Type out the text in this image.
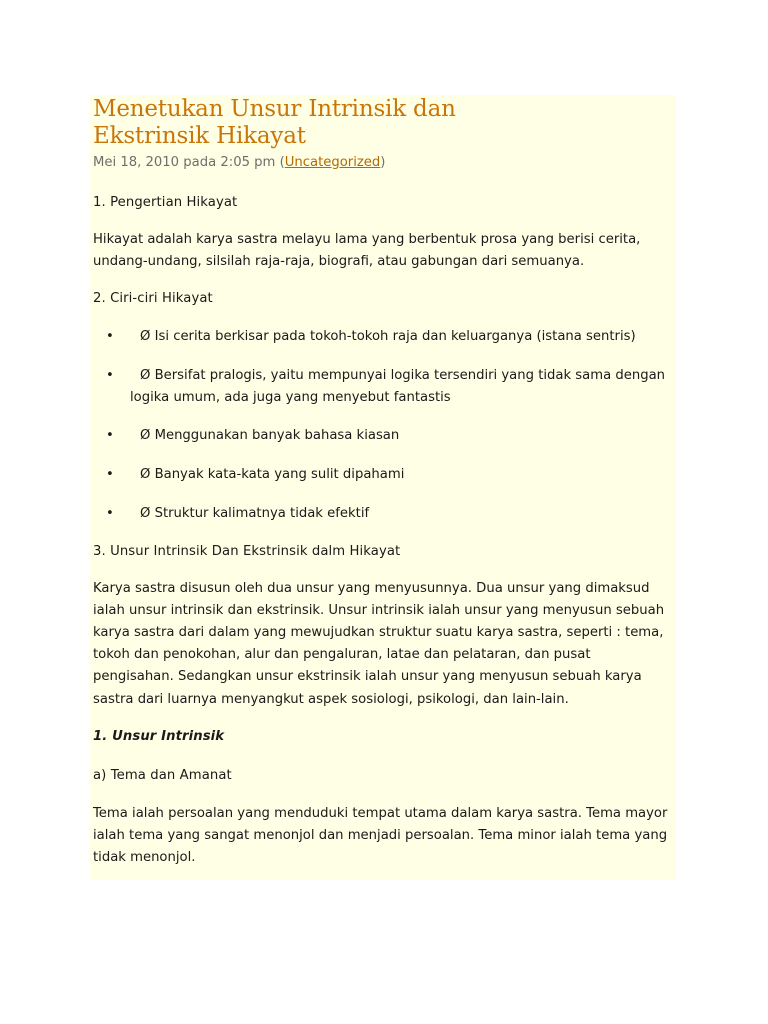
Menetukan Unsur Intrinsik dan
Ekstrinsik Hikayat
Mei 18, 2010 pada 2:05 pm (Uncategorized)

1. Pengertian Hikayat

Hikayat adalah karya sastra melayu lama yang berbentuk prosa yang berisi cerita, undang-undang, silsilah raja-raja, biografi, atau gabungan dari semuanya.

2. Ciri-ciri Hikayat

•	Ø Isi cerita berkisar pada tokoh-tokoh raja dan keluarganya (istana sentris)
•	Ø Bersifat pralogis, yaitu mempunyai logika tersendiri yang tidak sama dengan logika umum, ada juga yang menyebut fantastis
•	Ø Menggunakan banyak bahasa kiasan
•	Ø Banyak kata-kata yang sulit dipahami
•	Ø Struktur kalimatnya tidak efektif

3. Unsur Intrinsik Dan Ekstrinsik dalm Hikayat

Karya sastra disusun oleh dua unsur yang menyusunnya. Dua unsur yang dimaksud ialah unsur intrinsik dan ekstrinsik. Unsur intrinsik ialah unsur yang menyusun sebuah karya sastra dari dalam yang mewujudkan struktur suatu karya sastra, seperti : tema, tokoh dan penokohan, alur dan pengaluran, latae dan pelataran, dan pusat pengisahan. Sedangkan unsur ekstrinsik ialah unsur yang menyusun sebuah karya sastra dari luarnya menyangkut aspek sosiologi, psikologi, dan lain-lain.

1. Unsur Intrinsik

a) Tema dan Amanat

Tema ialah persoalan yang menduduki tempat utama dalam karya sastra. Tema mayor ialah tema yang sangat menonjol dan menjadi persoalan. Tema minor ialah tema yang tidak menonjol.
